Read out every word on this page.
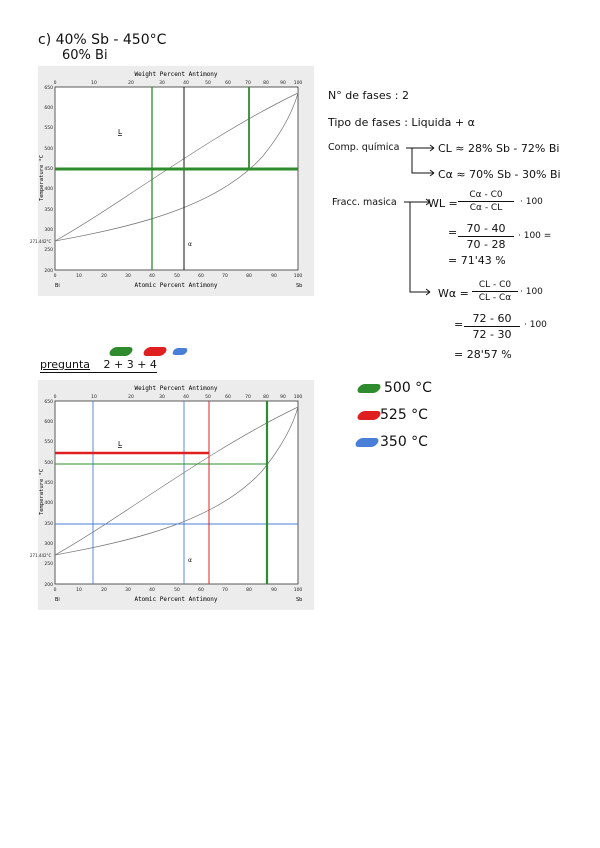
c) 40% Sb - 450°C
60% Bi
Weight Percent Antimony
0	10	20	30	40	50	60	70	80	90 100
650
600
550
500
450
400
350
300
250
200
Temperature °C
271.442°C
0	10	20	30	40	50	60	70	80	90	100
Atomic Percent Antimony
Bi	Sb
L
α
N° de fases : 2
Tipo de fases : Liquida + α
Comp. química	CL ≈ 28% Sb - 72% Bi
Cα ≈ 70% Sb - 30% Bi
Fracc. masica	WL =
Cα - C0
Cα - CL
· 100
= 70 - 40
70 - 28
· 100 =
= 71'43 %
Wα =
CL - C0
CL - Cα
· 100
= 72 - 60
72 - 30
· 100
= 28'57 %
pregunta 2 + 3 + 4
Weight Percent Antimony
0	10	20	30	40	50	60	70	80	90 100
650
600
550
500
450
400
350
300
250
200
Temperature °C
271.442°C
0	10	20	30	40	50	60	70	80	90	100
Atomic Percent Antimony
Bi	Sb
L
α
500 °C
525 °C
350 °C
